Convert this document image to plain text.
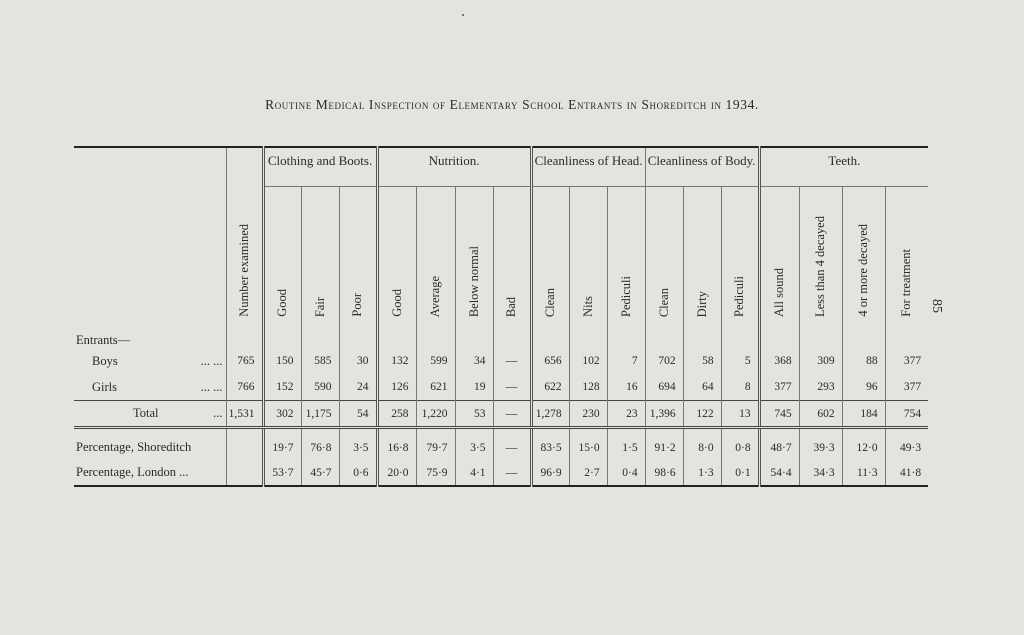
Routine Medical Inspection of Elementary School Entrants in Shoreditch in 1934.
85
	Number examined	Clothing and Boots.			Nutrition.				Cleanliness of Head.			Cleanliness of Body.			Teeth.			
		Good	Fair	Poor	Good	Average	Below normal	Bad	Clean	Nits	Pediculi	Clean	Dirty	Pediculi	All sound	Less than 4 decayed	4 or more decayed	For treatment
Entrants—																		

... ...
Boys	765	150	585	30	132	599	34	—	656	102	7	702	58	5	368	309	88	377

... ...
Girls	766	152	590	24	126	621	19	—	622	128	16	694	64	8	377	293	96	377

...
Total	1,531	302	1,175	54	258	1,220	53	—	1,278	230	23	1,396	122	13	745	602	184	754

Percentage, Shoreditch		19·7	76·8	3·5	16·8	79·7	3·5	—	83·5	15·0	1·5	91·2	8·0	0·8	48·7	39·3	12·0	49·3

Percentage, London ...		53·7	45·7	0·6	20·0	75·9	4·1	—	96·9	2·7	0·4	98·6	1·3	0·1	54·4	34·3	11·3	41·8
